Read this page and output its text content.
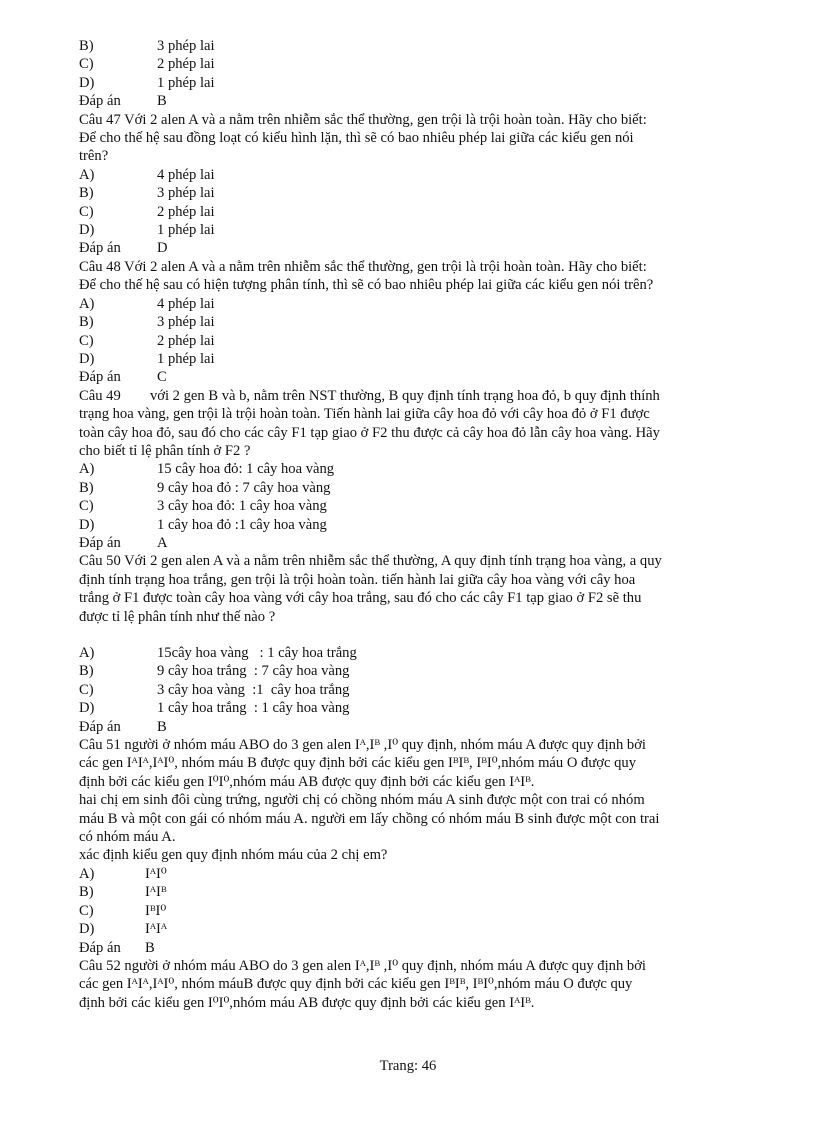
B)	3 phép lai
C)	2 phép lai
D)	1 phép lai
Đáp án	B
Câu 47 Với 2 alen A và a nằm trên nhiễm sắc thể thường, gen trội là trội hoàn toàn. Hãy cho biết:
Để cho thế hệ sau đồng loạt có kiểu hình lặn, thì sẽ có bao nhiêu phép lai giữa các kiểu gen nói
trên?
A)	4 phép lai
B)	3 phép lai
C)	2 phép lai
D)	1 phép lai
Đáp án	D
Câu 48 Với 2 alen A và a nằm trên nhiễm sắc thể thường, gen trội là trội hoàn toàn. Hãy cho biết:
Để cho thế hệ sau có hiện tượng phân tính, thì sẽ có bao nhiêu phép lai giữa các kiểu gen nói trên?
A)	4 phép lai
B)	3 phép lai
C)	2 phép lai
D)	1 phép lai
Đáp án	C
Câu 49        với 2 gen B và b, nằm trên NST thường, B quy định tính trạng hoa đỏ, b quy định thính
trạng hoa vàng, gen trội là trội hoàn toàn. Tiến hành lai giữa cây hoa đỏ với cây hoa đỏ ở F1 được
toàn cây hoa đỏ, sau đó cho các cây F1 tạp giao ở F2 thu được cả cây hoa đỏ lẫn cây hoa vàng. Hãy
cho biết tỉ lệ phân tính ở F2 ?
A)	15 cây hoa đỏ: 1 cây hoa vàng
B)	9 cây hoa đỏ : 7 cây hoa vàng
C)	3 cây hoa đỏ: 1 cây hoa vàng
D)	1 cây hoa đỏ :1 cây hoa vàng
Đáp án	A
Câu 50 Với 2 gen alen A và a nằm trên nhiễm sắc thể thường, A quy định tính trạng hoa vàng, a quy
định tính trạng hoa trắng, gen trội là trội hoàn toàn. tiến hành lai giữa cây hoa vàng với cây hoa
trắng ở F1 được toàn cây hoa vàng với cây hoa trắng, sau đó cho các cây F1 tạp giao ở F2 sẽ thu
được tỉ lệ phân tính như thế nào ?
A)	15cây hoa vàng   : 1 cây hoa trắng
B)	9 cây hoa trắng  : 7 cây hoa vàng
C)	3 cây hoa vàng  :1  cây hoa trắng
D)	1 cây hoa trắng  : 1 cây hoa vàng
Đáp án	B
Câu 51 người ở nhóm máu ABO do 3 gen alen Iᴬ,Iᴮ ,I⁰ quy định, nhóm máu A được quy định bởi
các gen IᴬIᴬ,IᴬI⁰, nhóm máu B được quy định bởi các kiểu gen IᴮIᴮ, IᴮI⁰,nhóm máu O được quy
định bởi các kiểu gen I⁰I⁰,nhóm máu AB được quy định bởi các kiểu gen IᴬIᴮ.
hai chị em sinh đôi cùng trứng, người chị có chồng nhóm máu A sinh được một con trai có nhóm
máu B và một con gái có nhóm máu A. người em lấy chồng có nhóm máu B sinh được một con trai
có nhóm máu A.
xác định kiểu gen quy định nhóm máu của 2 chị em?
A)	IᴬI⁰
B)	IᴬIᴮ
C)	IᴮI⁰
D)	IᴬIᴬ
Đáp án	B
Câu 52 người ở nhóm máu ABO do 3 gen alen Iᴬ,Iᴮ ,I⁰ quy định, nhóm máu A được quy định bởi
các gen IᴬIᴬ,IᴬI⁰, nhóm máuB được quy định bởi các kiểu gen IᴮIᴮ, IᴮI⁰,nhóm máu O được quy
định bởi các kiểu gen I⁰I⁰,nhóm máu AB được quy định bởi các kiểu gen IᴬIᴮ.
Trang: 46
